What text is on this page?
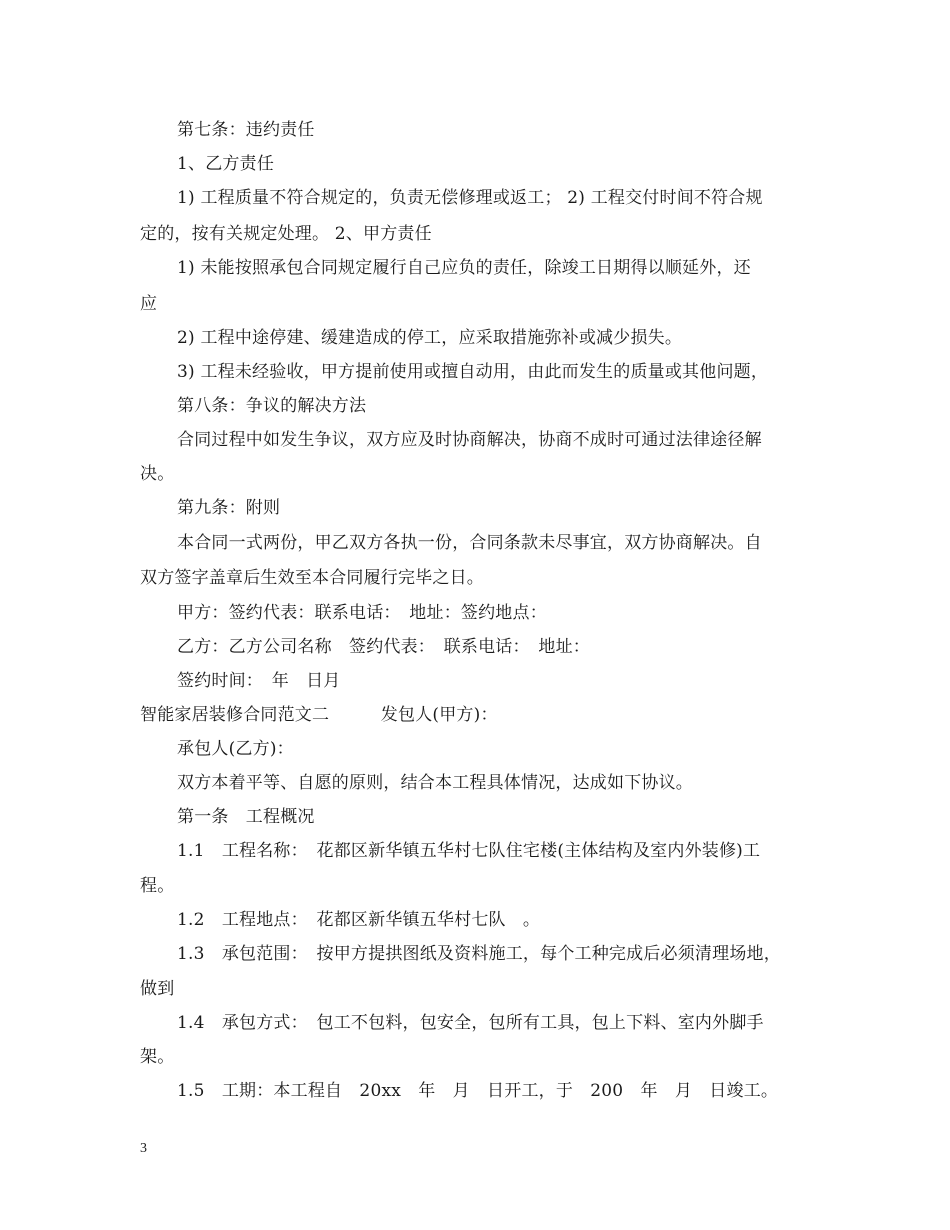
第七条：违约责任
1、乙方责任
1) 工程质量不符合规定的，负责无偿修理或返工； 2) 工程交付时间不符合规
定的，按有关规定处理。 2、甲方责任
1) 未能按照承包合同规定履行自己应负的责任，除竣工日期得以顺延外，还
应
2) 工程中途停建、缓建造成的停工，应采取措施弥补或减少损失。
3) 工程未经验收，甲方提前使用或擅自动用，由此而发生的质量或其他问题，
第八条：争议的解决方法
合同过程中如发生争议，双方应及时协商解决，协商不成时可通过法律途径解
决。
第九条：附则
本合同一式两份，甲乙双方各执一份，合同条款未尽事宜，双方协商解决。自
双方签字盖章后生效至本合同履行完毕之日。
甲方：签约代表：联系电话：　地址：签约地点：
乙方：乙方公司名称　签约代表：　联系电话：　地址：
签约时间：　年　日月
智能家居装修合同范文二　　　发包人(甲方)：
承包人(乙方)：
双方本着平等、自愿的原则，结合本工程具体情况，达成如下协议。
第一条　工程概况
1.1　工程名称：　花都区新华镇五华村七队住宅楼(主体结构及室内外装修)工
程。
1.2　工程地点：　花都区新华镇五华村七队　。
1.3　承包范围：　按甲方提拱图纸及资料施工，每个工种完成后必须清理场地，
做到
1.4　承包方式：　包工不包料，包安全，包所有工具，包上下料、室内外脚手
架。
1.5　工期：本工程自　20xx　年　月　日开工，于　200　年　月　日竣工。
3
